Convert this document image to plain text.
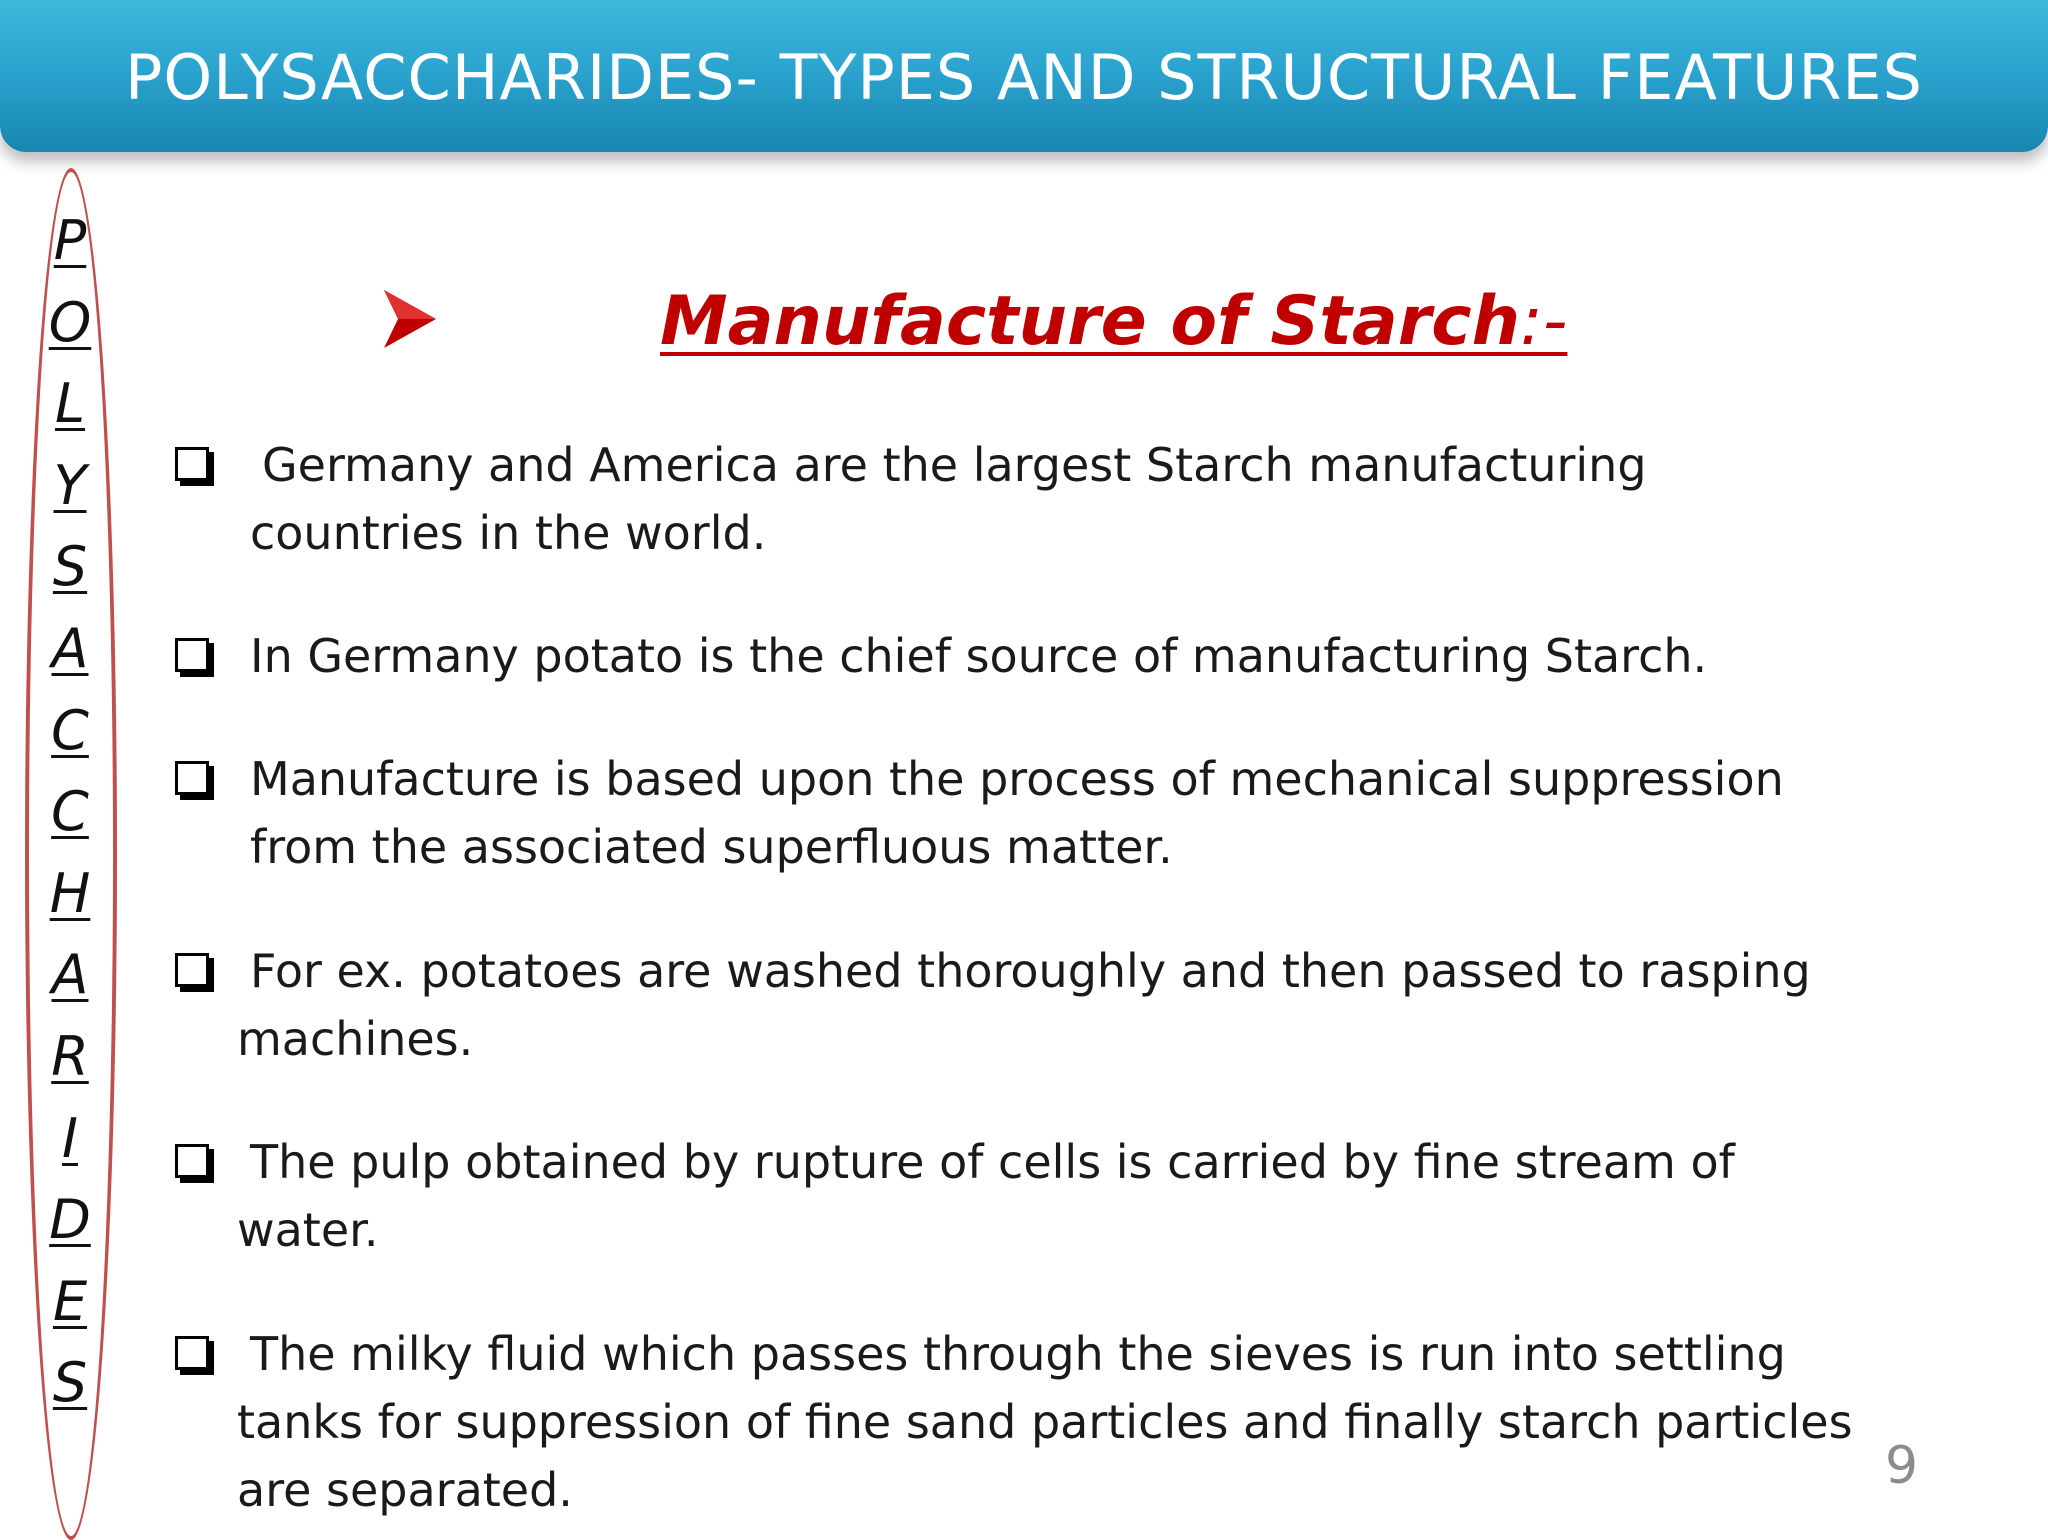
POLYSACCHARIDES- TYPES AND STRUCTURAL FEATURES
P
O
L
Y
S
A
C
C
H
A
R
I
D
E
S
Manufacture of Starch:-

Germany and America are the largest Starch manufacturing
countries in the world.

In Germany potato is the chief source of manufacturing Starch.

Manufacture is based upon the process of mechanical suppression
from the associated superfluous matter.

For ex. potatoes are washed thoroughly and then passed to rasping
machines.

The pulp obtained by rupture of cells is carried by fine stream of
water.

The milky fluid which passes through the sieves is run into settling
tanks for suppression of fine sand particles and finally starch particles
are separated.	9
